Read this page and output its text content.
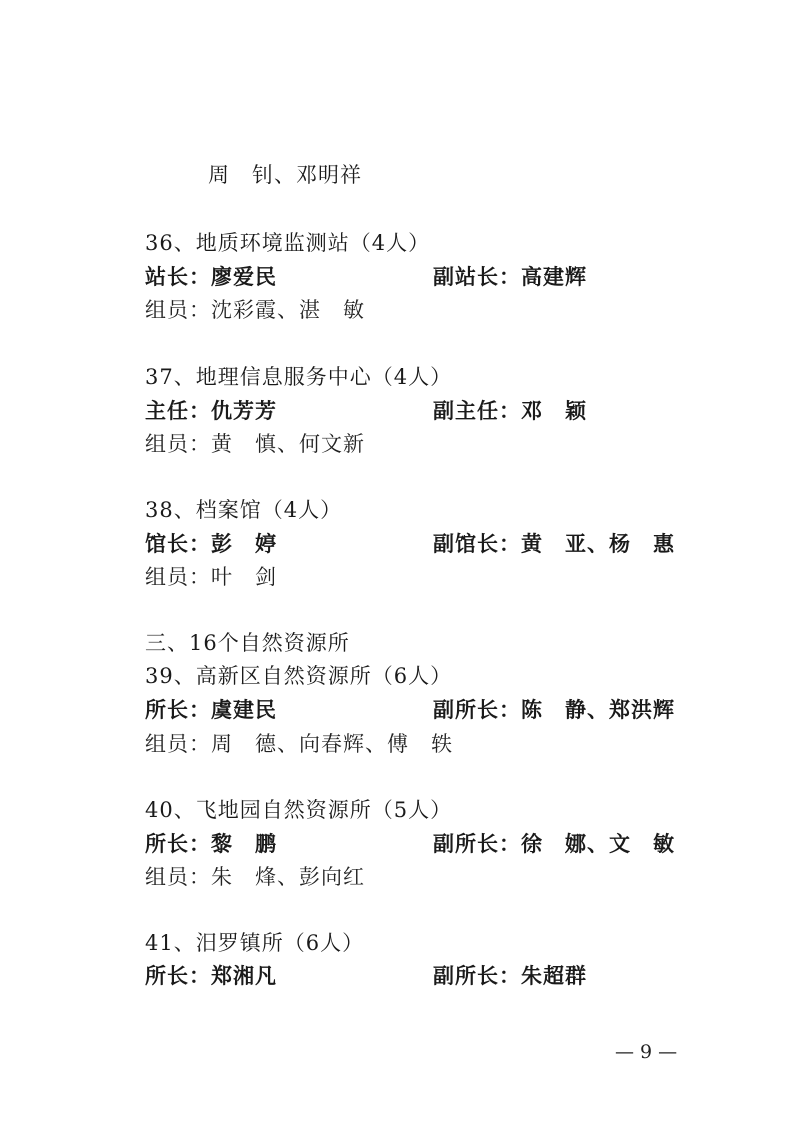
周　钊、邓明祥
36、地质环境监测站（4人）
站长：廖爱民	副站长：高建辉
组员：沈彩霞、湛　敏
37、地理信息服务中心（4人）
主任：仇芳芳	副主任：邓　颖
组员：黄　慎、何文新
38、档案馆（4人）
馆长：彭　婷	副馆长：黄　亚、杨　惠
组员：叶　剑
三、16个自然资源所
39、高新区自然资源所（6人）
所长：虞建民	副所长：陈　静、郑洪辉
组员：周　德、向春辉、傅　轶
40、飞地园自然资源所（5人）
所长：黎　鹏	副所长：徐　娜、文　敏
组员：朱　烽、彭向红
41、汨罗镇所（6人）
所长：郑湘凡	副所长：朱超群
— 9 —
